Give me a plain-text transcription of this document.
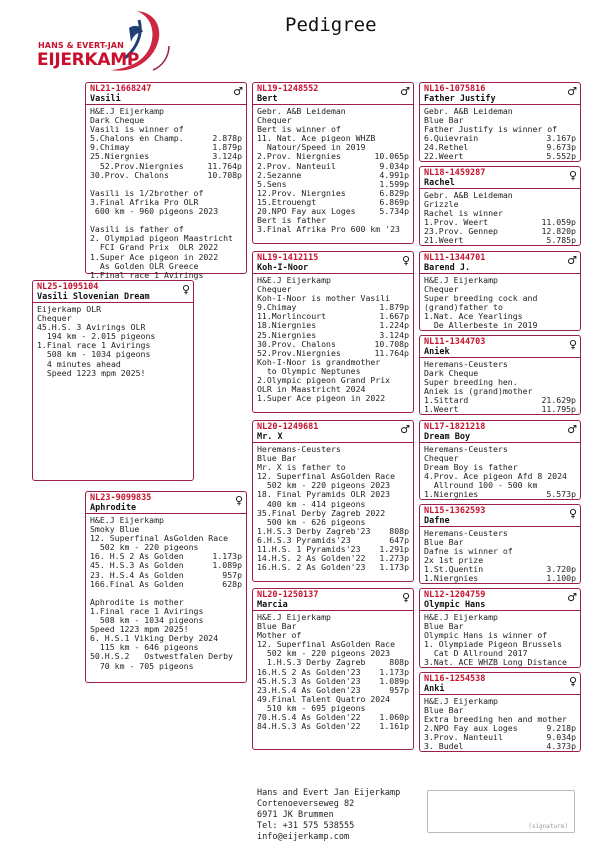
Pedigree
HANS & EVERT-JAN
EIJERKAMP
NL21-1668247
Vasili
♂
H&E.J Eijerkamp
Dark Cheque
Vasili is winner of
5.Chalons en Champ.	2.878p
9.Chimay	1.879p
25.Niergnies	3.124p
52.Prov.Niergnies	11.764p
30.Prov. Chalons	10.708p

Vasili is 1/2brother of
3.Final Afrika Pro OLR
600 km - 960 pigeons 2023

Vasili is father of
2. Olympiad pigeon Maastricht
FCI Grand Prix  OLR 2022
1.Super Ace pigeon in 2022
As Golden OLR Greece
1.Final race 1 Avirings
NL25-1095104
Vasili Slovenian Dream
♀
Eijerkamp OLR
Chequer
45.H.S. 3 Avirings OLR
194 km - 2.015 pigeons
1.Final race 1 Avirings
508 km - 1034 pigeons
4 minutes ahead
Speed 1223 mpm 2025!
NL23-9099835
Aphrodite
♀
H&E.J Eijerkamp
Smoky Blue
12. Superfinal AsGolden Race
502 km - 220 pigeons
16. H.S 2 As Golden	1.173p
45. H.S.3 As Golden	1.089p
23. H.S.4 As Golden	957p
166.Final As Golden	628p

Aphrodite is mother
1.Final race 1 Avirings
508 km - 1034 pigeons
Speed 1223 mpm 2025!
6. H.S.1 Viking Derby 2024
115 km - 646 pigeons
50.H.S.2   Ostwestfalen Derby
70 km - 705 pigeons
NL19-1248552
Bert
♂
Gebr. A&B Leideman
Chequer
Bert is winner of
11. Nat. Ace pigeon WHZB
Natour/Speed in 2019
2.Prov. Niergnies	10.065p
2.Prov. Nanteuil	9.034p
2.Sezanne	4.991p
5.Sens	1.599p
12.Prov. Niergnies	6.829p
15.Etrouengt	6.869p
20.NPO Fay aux Loges	5.734p
Bert is father
3.Final Afrika Pro 600 km '23
NL19-1412115
Koh-I-Noor
♀
H&E.J Eijerkamp
Chequer
Koh-I-Noor is mother Vasili
9.Chimay	1.879p
11.Morlincourt	1.667p
18.Niergnies	1.224p
25.Niergnies	3.124p
30.Prov. Chalons	10.708p
52.Prov.Niergnies	11.764p
Koh-I-Noor is grandmother
to Olympic Neptunes
2.Olympic pigeon Grand Prix
OLR in Maastricht 2024
1.Super Ace pigeon in 2022
NL20-1249681
Mr. X
♂
Heremans-Ceusters
Blue Bar
Mr. X is father to
12. Superfinal AsGolden Race
502 km - 220 pigeons 2023
18. Final Pyramids OLR 2023
400 km - 414 pigeons
35.Final Derby Zagreb 2022
500 km - 626 pigeons
1.H.S.3 Derby Zagreb'23 808p
6.H.S.3 Pyramids'23	647p
11.H.S. 1 Pyramids'23 1.291p
14.H.S. 2 As Golden'22 1.273p
16.H.S. 2 As Golden'23 1.173p
NL20-1250137
Marcia
♀
H&E.J Eijerkamp
Blue Bar
Mother of
12. Superfinal AsGolden Race
502 km - 220 pigeons 2023
1.H.S.3 Derby Zagreb	808p
16.H.S 2 As Golden'23 1.173p
45.H.S.3 As Golden'23 1.089p
23.H.S.4 As Golden'23	957p
49.Final Talent Quatro 2024
510 km - 695 pigeons
70.H.S.4 As Golden'22 1.060p
84.H.S.3 As Golden'22 1.161p
NL16-1075816
Father Justify
♂
Gebr. A&B Leideman
Blue Bar
Father Justify is winner of
6.Quievrain	3.167p
24.Rethel	9.673p
22.Weert	5.552p
NL18-1459287
Rachel
♀
Gebr. A&B Leideman
Grizzle
Rachel is winner
1.Prov. Weert	11.059p
23.Prov. Gennep	12.820p
21.Weert	5.785p
NL11-1344701
Barend J.
♂
H&E.J Eijerkamp
Chequer
Super breeding cock and
(grand)father to
1.Nat. Ace Yearlings
De Allerbeste in 2019
NL11-1344703
Aniek
♀
Heremans-Ceusters
Dark Cheque
Super breeding hen.
Aniek is (grand)mother
1.Sittard	21.629p
1.Weert	11.795p
NL17-1821218
Dream Boy
♂
Heremans-Ceusters
Chequer
Dream Boy is father
4.Prov. Ace pigeon Afd 8 2024
Allround 100 - 500 km
1.Niergnies	5.573p
NL15-1362593
Dafne
♀
Heremans-Ceusters
Blue Bar
Dafne is winner of
2x 1st prize
1.St.Quentin	3.720p
1.Niergnies	1.100p
NL12-1204759
Olympic Hans
♂
H&E.J Eijerkamp
Blue Bar
Olympic Hans is winner of
1. Olympiade Pigeon Brussels
Cat D Allround 2017
3.Nat. ACE WHZB Long Distance
NL16-1254538
Anki
♀
H&E.J Eijerkamp
Blue Bar
Extra breeding hen and mother
2.NPO Fay aux Loges	9.218p
3.Prov. Nanteuil	9.034p
3. Budel	4.373p
Hans and Evert Jan Eijerkamp
Cortenoeverseweg 82
6971 JK Brummen
Tel: +31 575 538555
info@eijerkamp.com
(signature)
